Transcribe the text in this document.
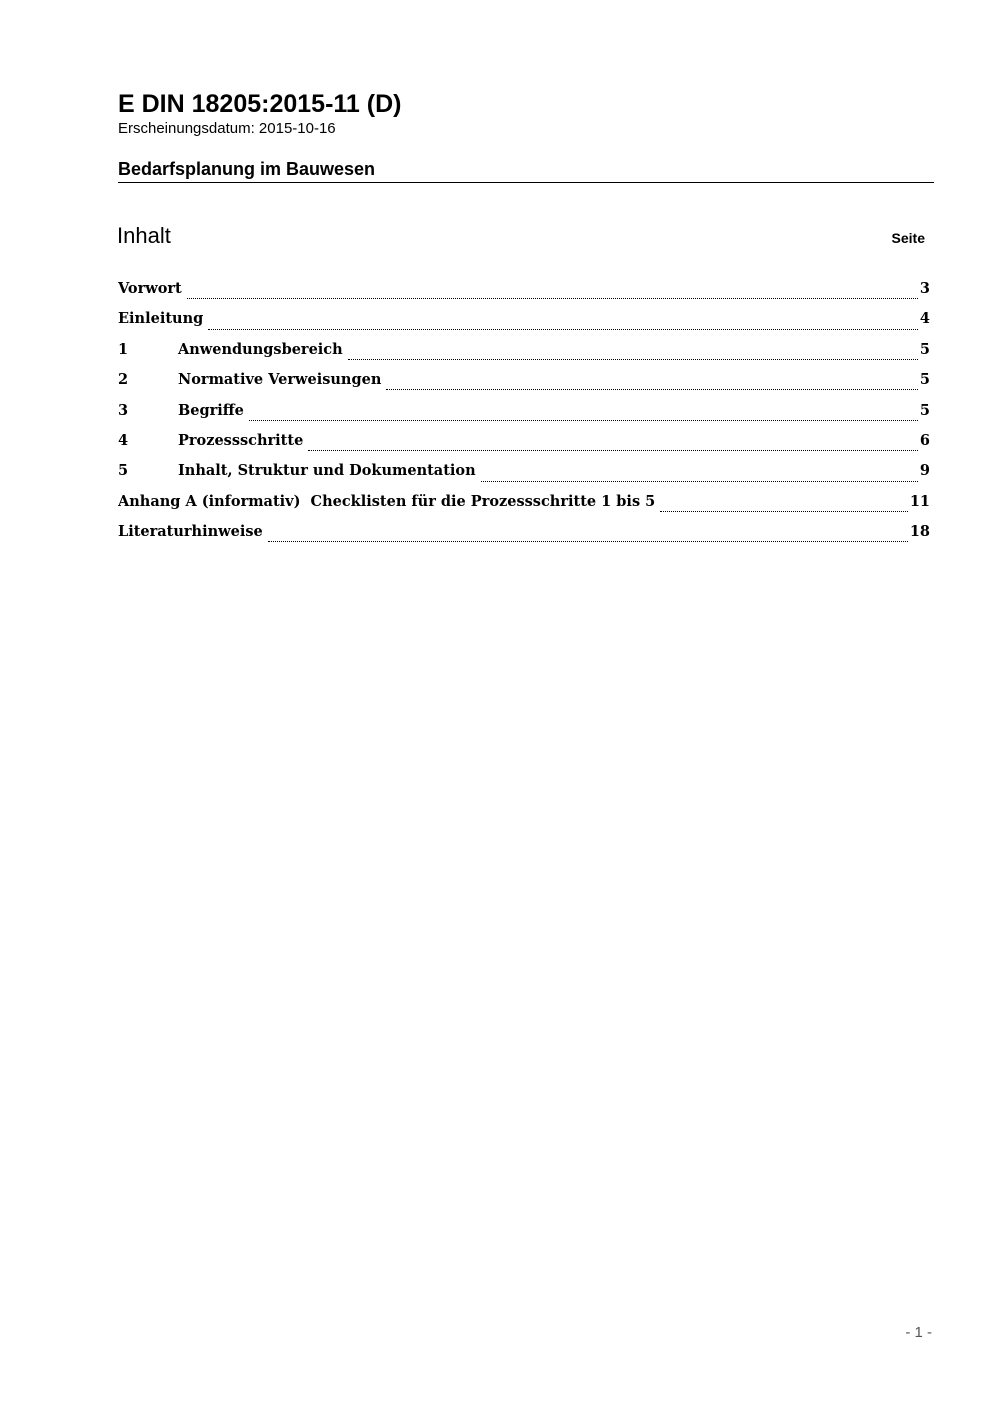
E DIN 18205:2015-11 (D)

Erscheinungsdatum: 2015-10-16

Bedarfsplanung im Bauwesen
Inhalt	Seite
Vorwort	3
Einleitung	4
1	Anwendungsbereich	5
2	Normative Verweisungen	5
3	Begriffe	5
4	Prozessschritte	6
5	Inhalt, Struktur und Dokumentation	9
Anhang A (informativ)  Checklisten für die Prozessschritte 1 bis 5	11
Literaturhinweise	18
- 1 -
